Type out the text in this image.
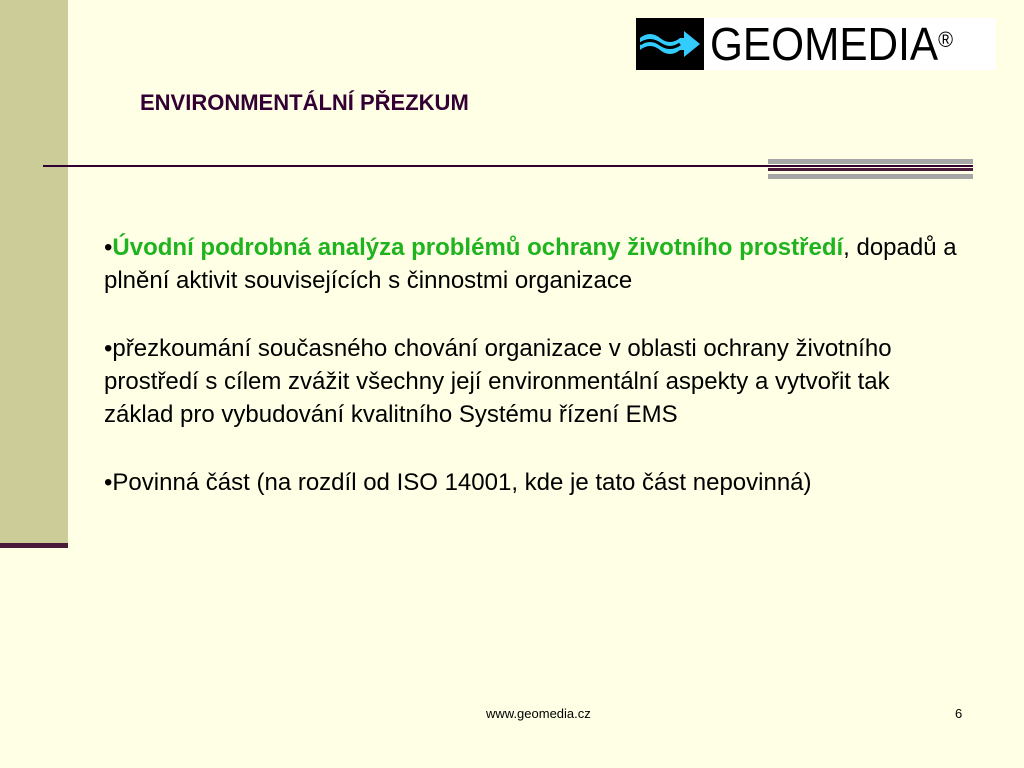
GEOMEDIA®
ENVIRONMENTÁLNÍ PŘEZKUM

•Úvodní podrobná analýza problémů ochrany životního prostředí, dopadů a plnění aktivit souvisejících s činnostmi organizace

•přezkoumání současného chování organizace v oblasti ochrany životního prostředí s cílem zvážit všechny její environmentální aspekty a vytvořit tak základ pro vybudování kvalitního Systému řízení EMS

•Povinná část (na rozdíl od ISO 14001, kde je tato část nepovinná)

www.geomedia.cz	6
